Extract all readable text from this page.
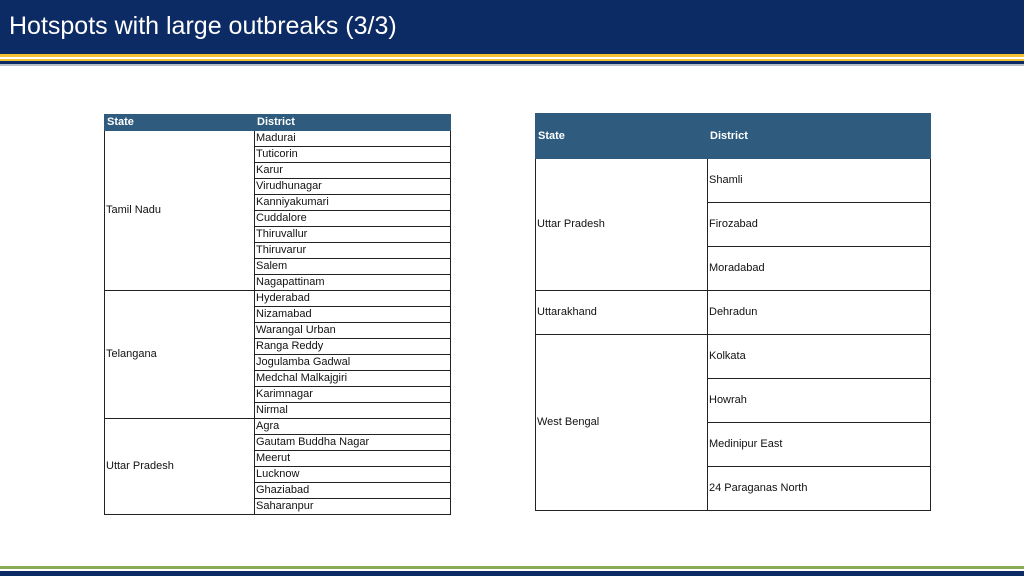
Hotspots with large outbreaks (3/3)
State	District
Tamil Nadu	Madurai
	Tuticorin
	Karur
	Virudhunagar
	Kanniyakumari
	Cuddalore
	Thiruvallur
	Thiruvarur
	Salem
	Nagapattinam
Telangana	Hyderabad
	Nizamabad
	Warangal Urban
	Ranga Reddy
	Jogulamba Gadwal
	Medchal Malkajgiri
	Karimnagar
	Nirmal
Uttar Pradesh	Agra
	Gautam Buddha Nagar
	Meerut
	Lucknow
	Ghaziabad
	Saharanpur
State	District
Uttar Pradesh	Shamli
	Firozabad
	Moradabad
Uttarakhand	Dehradun
West Bengal	Kolkata
	Howrah
	Medinipur East
	24 Paraganas North
